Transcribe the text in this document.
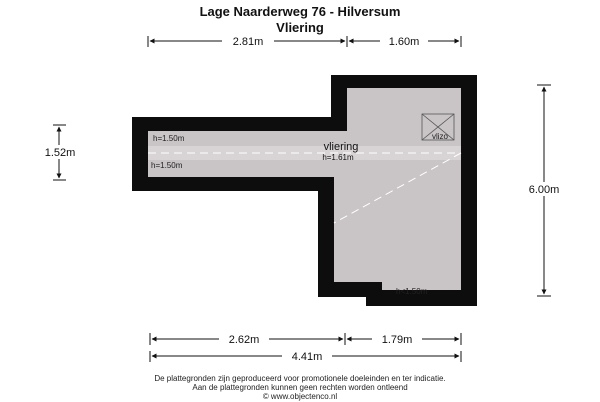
Lage Naarderweg 76 - Hilversum
Vliering
vlizo
vliering
h=1.61m
h=1.50m
h=1.50m
h<1.50m
2.81m	1.60m
1.52m
6.00m
2.62m	1.79m
4.41m
De plattegronden zijn geproduceerd voor promotionele doeleinden en ter indicatie.
Aan de plattegronden kunnen geen rechten worden ontleend
© www.objectenco.nl
